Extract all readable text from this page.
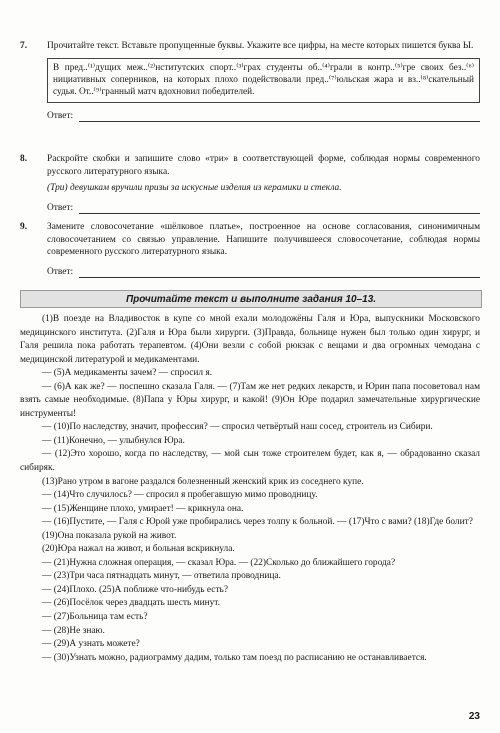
7. Прочитайте текст. Вставьте пропущенные буквы. Укажите все цифры, на месте которых пишется буква Ы.
В пред..⁽¹⁾дущих меж..⁽²⁾нститутских спорт..⁽³⁾грах студенты об..⁽⁴⁾грали в контр..⁽⁵⁾гре своих без..⁽⁶⁾нициативных соперников, на которых плохо подействовали пред..⁽⁷⁾юльская жара и вз..⁽⁸⁾скательный судья. От..⁽⁹⁾гранный матч вдохновил победителей.
Ответ:
8. Раскройте скобки и запишите слово «три» в соответствующей форме, соблюдая нормы современного русского литературного языка.
(Три) девушкам вручили призы за искусные изделия из керамики и стекла.
Ответ:
9. Замените словосочетание «шёлковое платье», построенное на основе согласования, синонимичным словосочетанием со связью управление. Напишите получившееся словосочетание, соблюдая нормы современного русского литературного языка.
Ответ:
Прочитайте текст и выполните задания 10–13.

(1)В поезде на Владивосток в купе со мной ехали молодожёны Галя и Юра, выпускники Московского медицинского института. (2)Галя и Юра были хирурги. (3)Правда, больнице нужен был только один хирург, и Галя решила пока работать терапевтом. (4)Они везли с собой рюкзак с вещами и два огромных чемодана с медицинской литературой и медикаментами.

— (5)А медикаменты зачем? — спросил я.

— (6)А как же? — поспешно сказала Галя. — (7)Там же нет редких лекарств, и Юрин папа посоветовал нам взять самые необходимые. (8)Папа у Юры хирург, и какой! (9)Он Юре подарил замечательные хирургические инструменты!

— (10)По наследству, значит, профессия? — спросил четвёртый наш сосед, строитель из Сибири.

— (11)Конечно, — улыбнулся Юра.

— (12)Это хорошо, когда по наследству, — мой сын тоже строителем будет, как я, — обрадованно сказал сибиряк.

(13)Рано утром в вагоне раздался болезненный женский крик из соседнего купе.

— (14)Что случилось? — спросил я пробегавшую мимо проводницу.

— (15)Женщине плохо, умирает! — крикнула она.

— (16)Пустите, — Галя с Юрой уже пробирались через толпу к больной. — (17)Что с вами? (18)Где болит?

(19)Она показала рукой на живот.

(20)Юра нажал на живот, и больная вскрикнула.

— (21)Нужна сложная операция, — сказал Юра. — (22)Сколько до ближайшего города?

— (23)Три часа пятнадцать минут, — ответила проводница.

— (24)Плохо. (25)А поближе что-нибудь есть?

— (26)Посёлок через двадцать шесть минут.

— (27)Больница там есть?

— (28)Не знаю.

— (29)А узнать можете?

— (30)Узнать можно, радиограмму дадим, только там поезд по расписанию не останавливается.

23
